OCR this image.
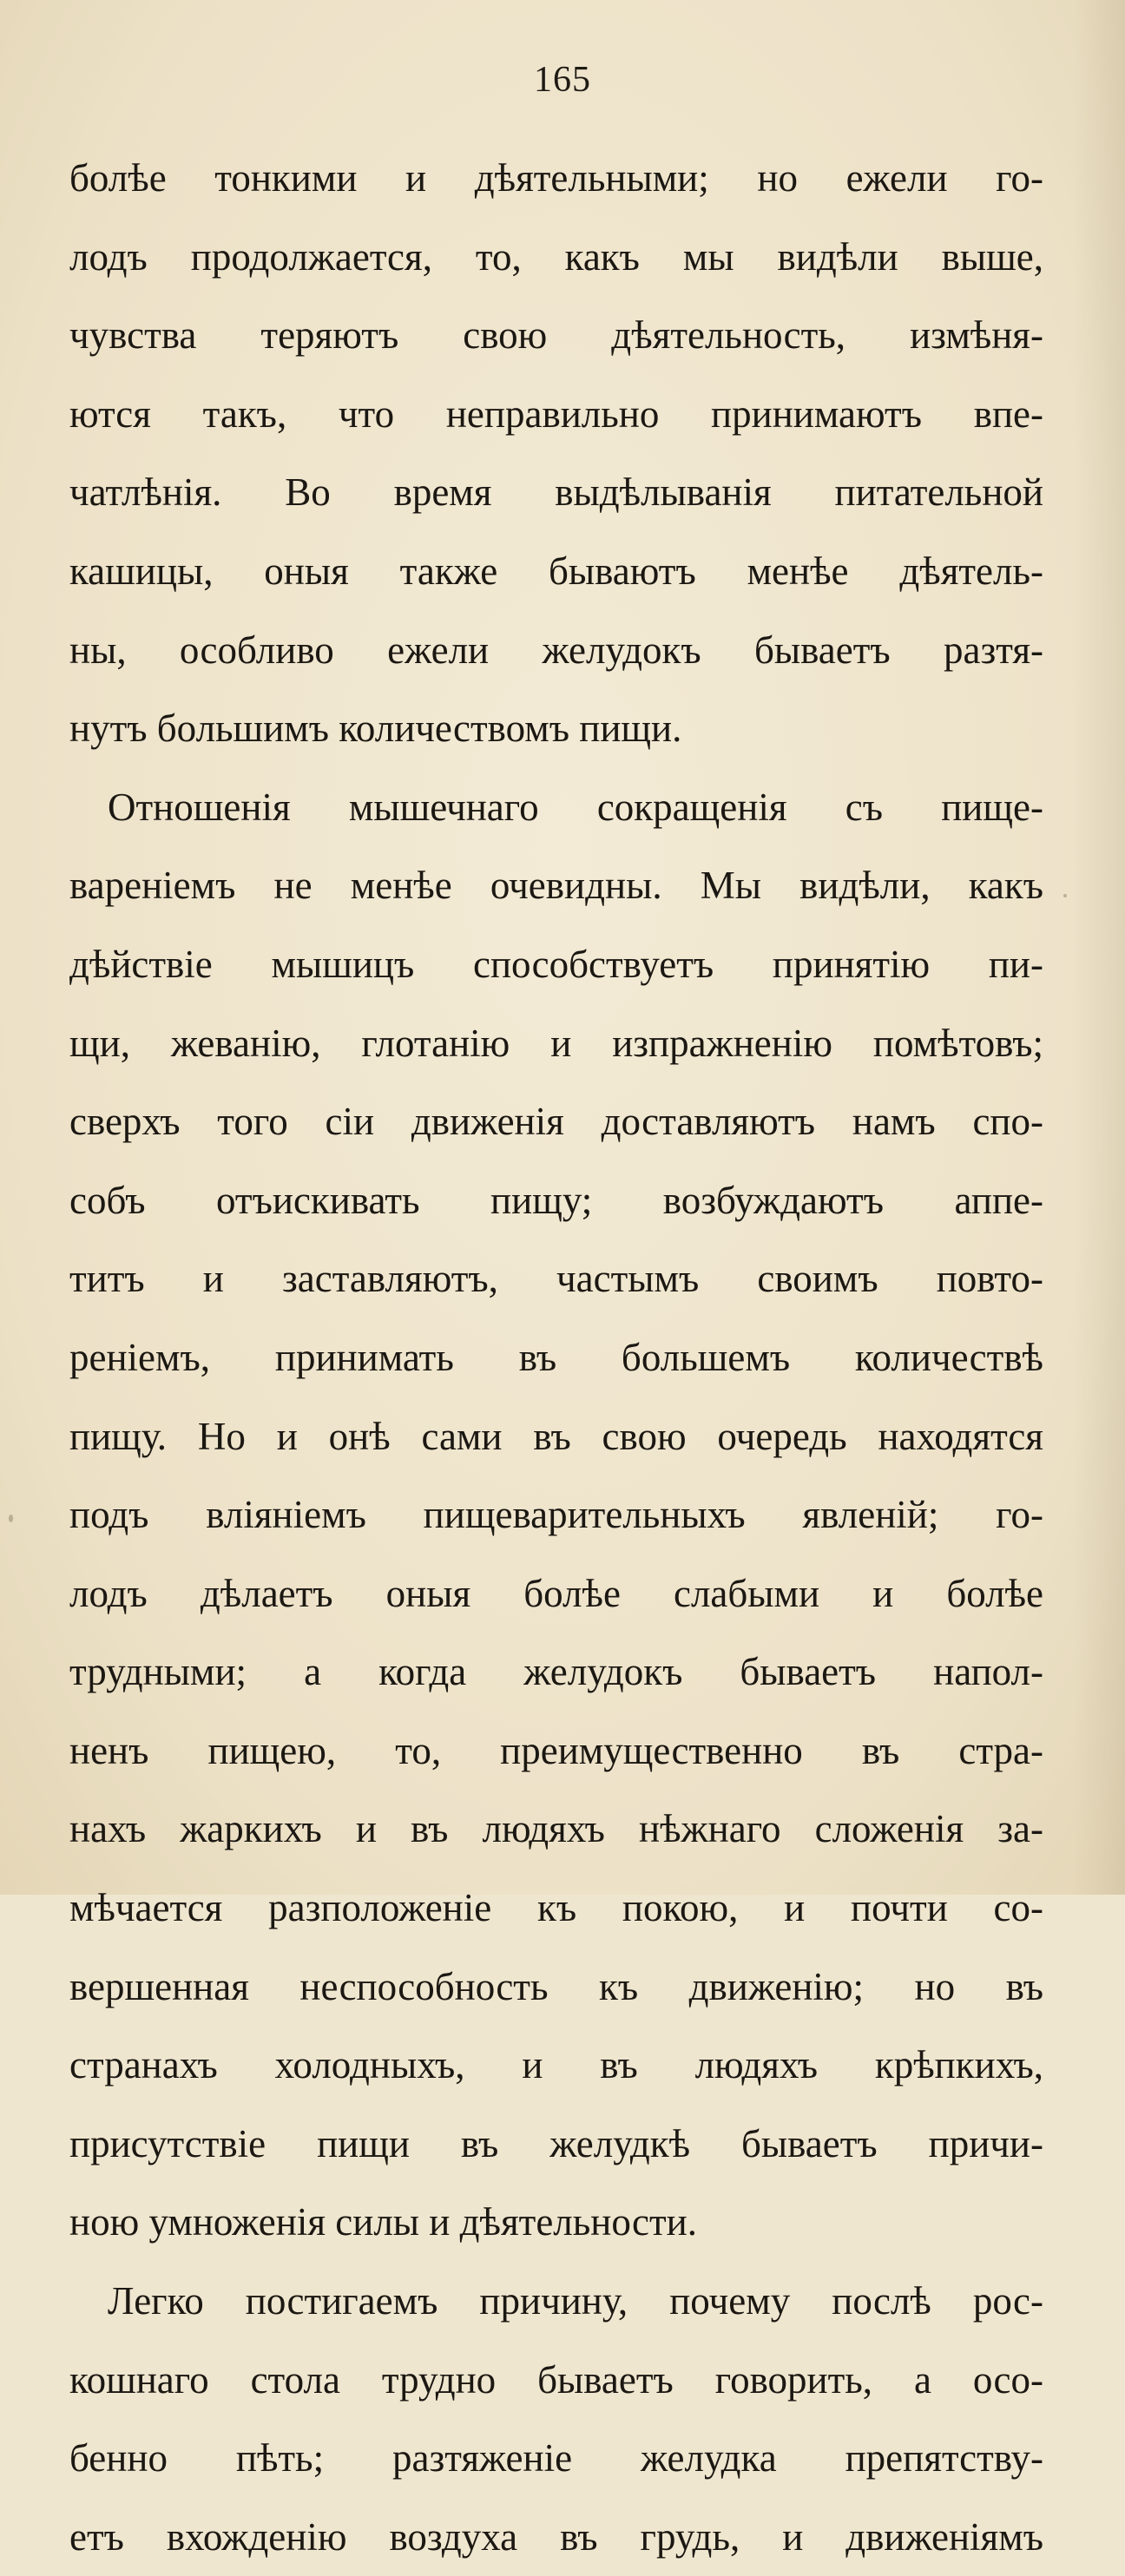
165
болѣе тонкими и дѣятельными; но ежели го-
лодъ продолжается, то, какъ мы видѣли выше,
чувства теряютъ свою дѣятельность, измѣня-
ются такъ, что неправильно принимаютъ впе-
чатлѣнія. Во время выдѣлыванія питательной
кашицы, оныя также бываютъ менѣе дѣятель-
ны, особливо ежели желудокъ бываетъ разтя-
нутъ большимъ количествомъ пищи.
Отношенія мышечнаго сокращенія съ пище-
вареніемъ не менѣе очевидны. Мы видѣли, какъ
дѣйствіе мышицъ способствуетъ принятію пи-
щи, жеванію, глотанію и изпражненію помѣтовъ;
сверхъ того сіи движенія доставляютъ намъ спо-
собъ отъискивать пищу; возбуждаютъ аппе-
титъ и заставляютъ, частымъ своимъ повто-
реніемъ, принимать въ большемъ количествѣ
пищу. Но и онѣ сами въ свою очередь находятся
подъ вліяніемъ пищеварительныхъ явленій; го-
лодъ дѣлаетъ оныя болѣе слабыми и болѣе
трудными; а когда желудокъ бываетъ напол-
ненъ пищею, то, преимущественно въ стра-
нахъ жаркихъ и въ людяхъ нѣжнаго сложенія за-
мѣчается разположеніе къ покою, и почти со-
вершенная неспособность къ движенію; но въ
странахъ холодныхъ, и въ людяхъ крѣпкихъ,
присутствіе пищи въ желудкѣ бываетъ причи-
ною умноженія силы и дѣятельности.
Легко постигаемъ причину, почему послѣ рос-
кошнаго стола трудно бываетъ говорить, а осо-
бенно пѣть; разтяженіе желудка препятству-
етъ вхожденію воздуха въ грудь, и движеніямъ
